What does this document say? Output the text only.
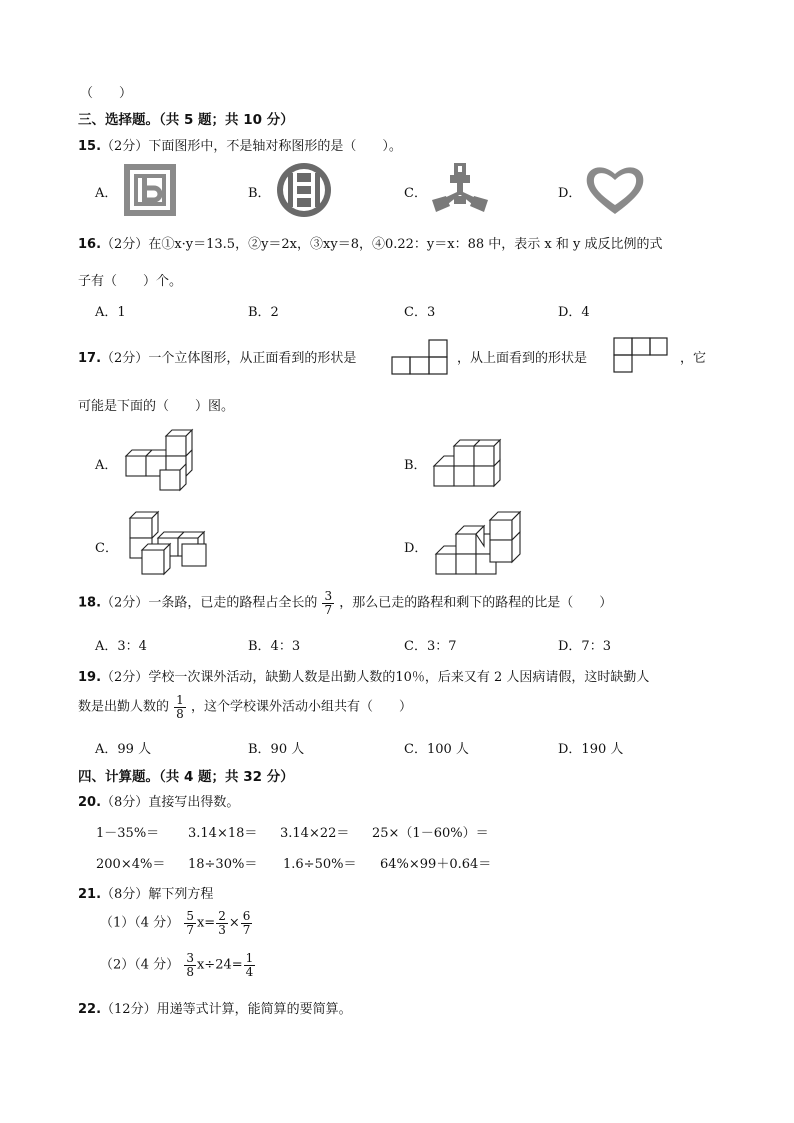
（　　）
三、选择题。（共 5 题；共 10 分）
15.（2分）下面图形中，不是轴对称图形的是（　　）。
A．	B．	C．	D．
16.（2分）在①x·y＝13.5，②y＝2x，③xy＝8，④0.22：y＝x：88 中，表示 x 和 y 成反比例的式
子有（　　）个。
A．1	B．2	C．3	D．4
17.（2分）一个立体图形，从正面看到的形状是	，从上面看到的形状是	，它
可能是下面的（　　）图。
A．	B．
C．	D．
18.（2分）一条路，已走的路程占全长的 $\frac{3}{7}$ ，那么已走的路程和剩下的路程的比是（　　）
A．3：4	B．4：3	C．3：7	D．7：3
19.（2分）学校一次课外活动，缺勤人数是出勤人数的10％，后来又有 2 人因病请假，这时缺勤人
数是出勤人数的 $\frac{1}{8}$ ，这个学校课外活动小组共有（　　）
A．99 人	B．90 人	C．100 人	D．190 人
四、计算题。（共 4 题；共 32 分）
20.（8分）直接写出得数。
1－35%＝ 3.14×18＝ 3.14×22＝ 25×（1－60%）＝
200×4%＝ 18÷30%＝ 1.6÷50%＝ 64%×99＋0.64＝
21.（8分）解下列方程
（1）（4 分） $\frac{5}{7} x= \frac{2}{3} \times \frac{6}{7}$
（2）（4 分） $\frac{3}{8} x\div 24= \frac{1}{4}$
22.（12分）用递等式计算，能简算的要简算。
